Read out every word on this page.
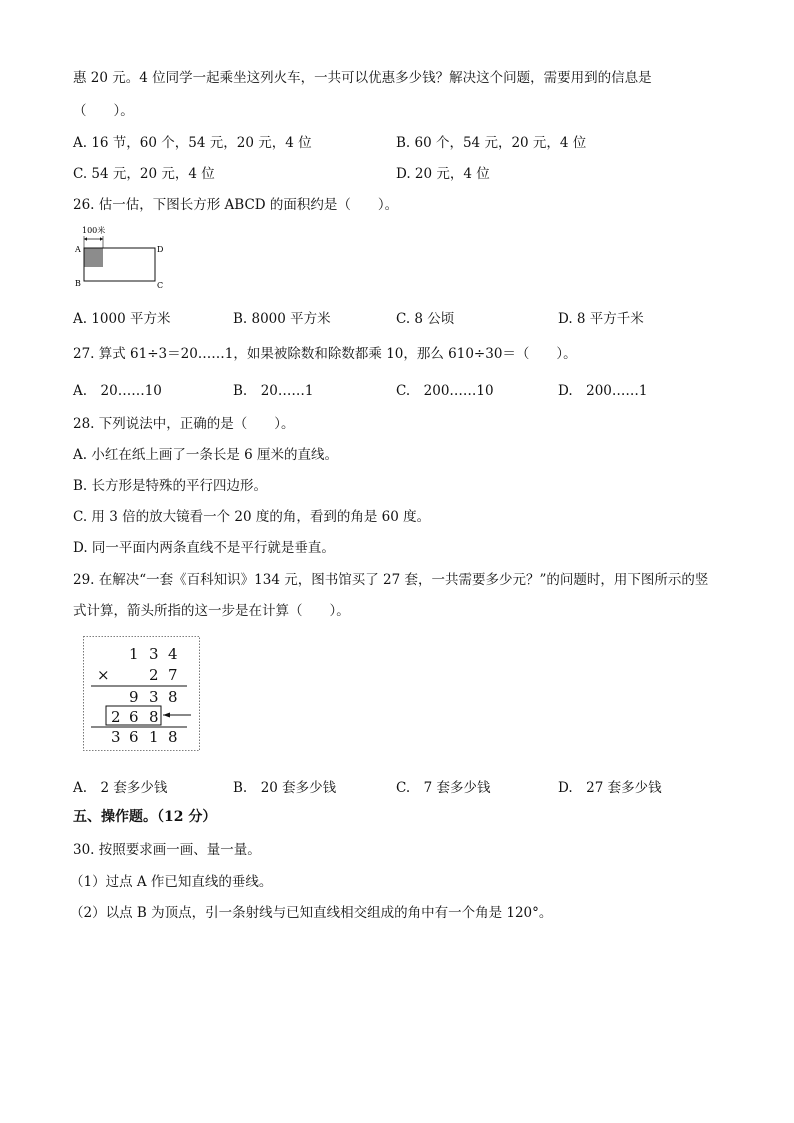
惠 20 元。4 位同学一起乘坐这列火车，一共可以优惠多少钱？解决这个问题，需要用到的信息是
（　　）。
A. 16 节，60 个，54 元，20 元，4 位	B. 60 个，54 元，20 元，4 位
C. 54 元，20 元，4 位	D. 20 元，4 位
26. 估一估，下图长方形 ABCD 的面积约是（　　）。
100米
A
B	C
D
A. 1000 平方米	B. 8000 平方米	C. 8 公顷	D. 8 平方千米
27. 算式 61÷3＝20……1，如果被除数和除数都乘 10，那么 610÷30＝（　　）。
A.　20……10	B.　20……1	C.　200……10	D.　200……1
28. 下列说法中，正确的是（　　）。
A. 小红在纸上画了一条长是 6 厘米的直线。
B. 长方形是特殊的平行四边形。
C. 用 3 倍的放大镜看一个 20 度的角，看到的角是 60 度。
D. 同一平面内两条直线不是平行就是垂直。
29. 在解决“一套《百科知识》134 元，图书馆买了 27 套，一共需要多少元？”的问题时，用下图所示的竖
式计算，箭头所指的这一步是在计算（　　）。
1 3 4
×	2 7
9 3 8
2 6 8
3 6 1 8
A.　2 套多少钱	B.　20 套多少钱	C.　7 套多少钱	D.　27 套多少钱
五、操作题。（12 分）
30. 按照要求画一画、量一量。
（1）过点 A 作已知直线的垂线。
（2）以点 B 为顶点，引一条射线与已知直线相交组成的角中有一个角是 120°。
